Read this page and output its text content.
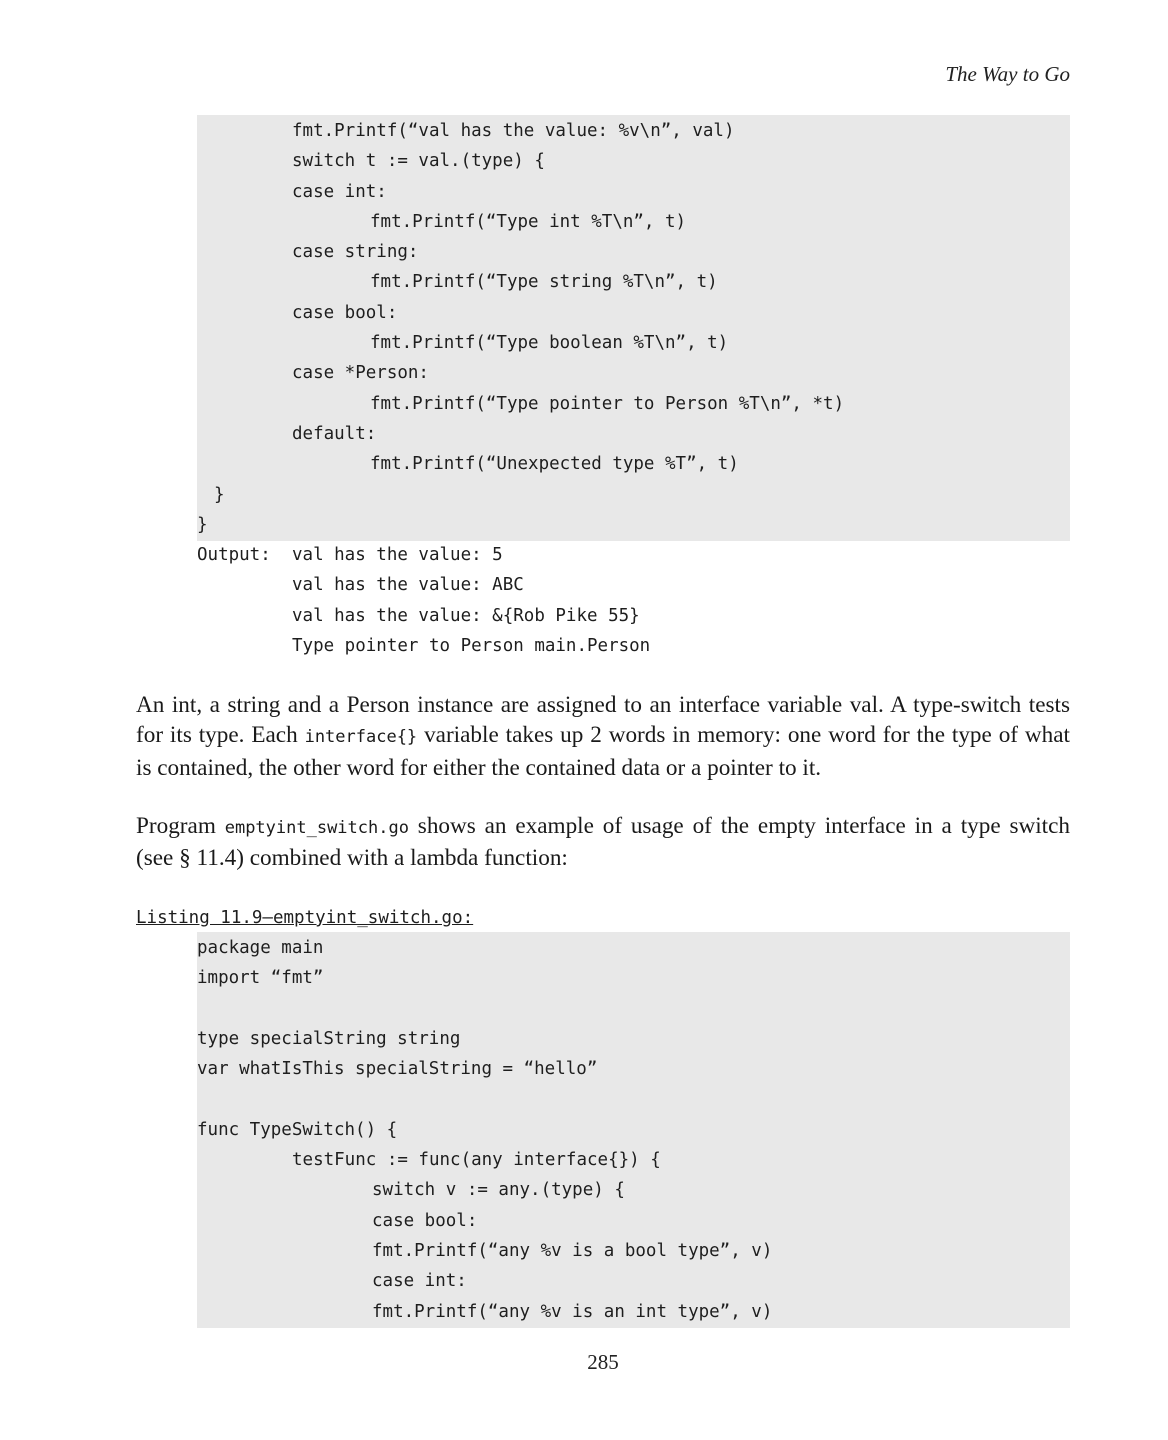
The Way to Go
fmt.Printf(“val has the value: %v\n”, val)
switch t := val.(type) {
case int:
fmt.Printf(“Type int %T\n”, t)
case string:
fmt.Printf(“Type string %T\n”, t)
case bool:
fmt.Printf(“Type boolean %T\n”, t)
case *Person:
fmt.Printf(“Type pointer to Person %T\n”, *t)
default:
fmt.Printf(“Unexpected type %T”, t)
}
}
Output: val has the value: 5
val has the value: ABC
val has the value: &{Rob Pike 55}
Type pointer to Person main.Person

An int, a string and a Person instance are assigned to an interface variable val. A type-switch tests for its type. Each interface{} variable takes up 2 words in memory: one word for the type of what is contained, the other word for either the contained data or a pointer to it.

Program emptyint_switch.go shows an example of usage of the empty interface in a type switch (see § 11.4) combined with a lambda function:

Listing 11.9—emptyint_switch.go:
package main
import “fmt”
type specialString string
var whatIsThis specialString = “hello”
func TypeSwitch() {
testFunc := func(any interface{}) {
switch v := any.(type) {
case bool:
fmt.Printf(“any %v is a bool type”, v)
case int:
fmt.Printf(“any %v is an int type”, v)
285
